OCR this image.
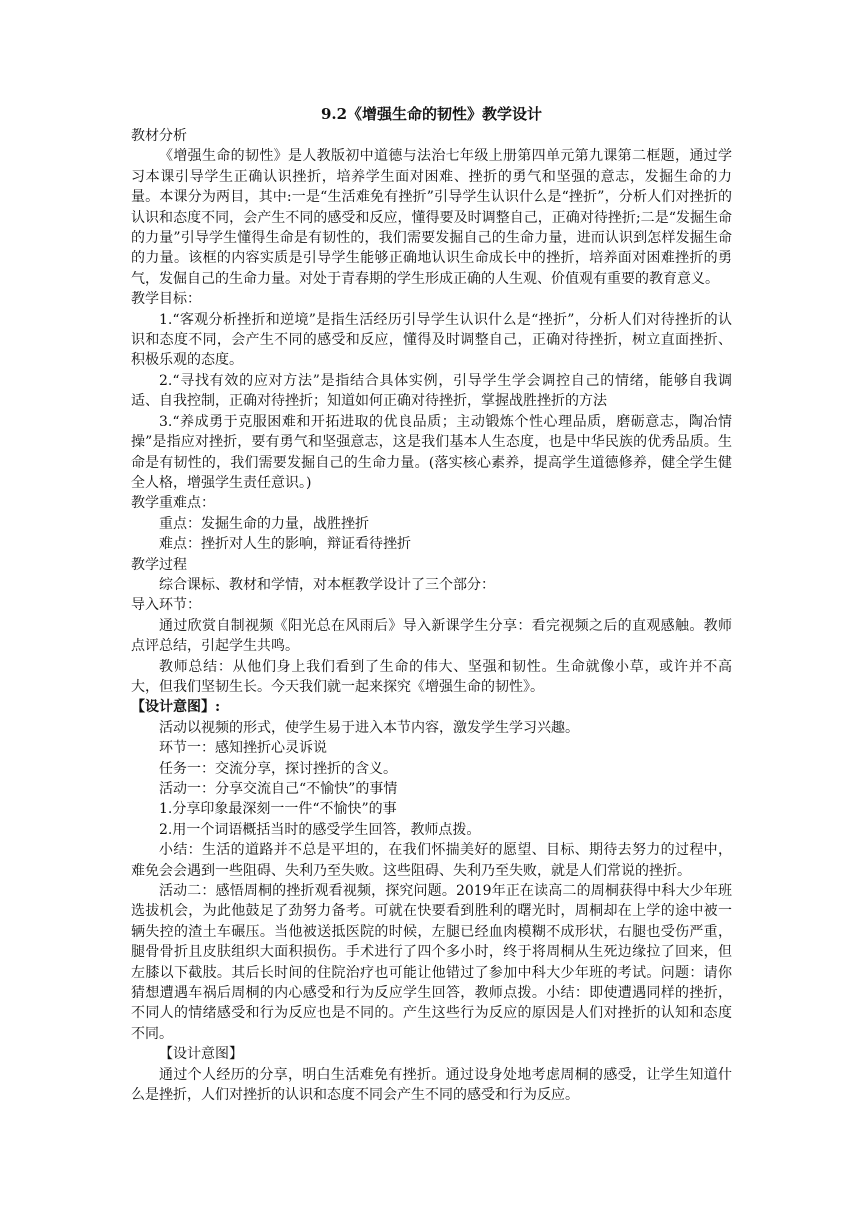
9.2《增强生命的韧性》教学设计

教材分析

《增强生命的韧性》是人教版初中道德与法治七年级上册第四单元第九课第二框题，通过学习本课引导学生正确认识挫折，培养学生面对困难、挫折的勇气和坚强的意志，发掘生命的力量。本课分为两目，其中:一是“生活难免有挫折”引导学生认识什么是“挫折”，分析人们对挫折的认识和态度不同，会产生不同的感受和反应，懂得要及时调整自己，正确对待挫折;二是“发掘生命的力量”引导学生懂得生命是有韧性的，我们需要发掘自己的生命力量，进而认识到怎样发掘生命的力量。该框的内容实质是引导学生能够正确地认识生命成长中的挫折，培养面对困难挫折的勇气，发倔自己的生命力量。对处于青春期的学生形成正确的人生观、价值观有重要的教育意义。

教学目标：

1.“客观分析挫折和逆境”是指生活经历引导学生认识什么是“挫折”，分析人们对待挫折的认识和态度不同，会产生不同的感受和反应，懂得及时调整自己，正确对待挫折，树立直面挫折、积极乐观的态度。

2.“寻找有效的应对方法”是指结合具体实例，引导学生学会调控自己的情绪，能够自我调适、自我控制，正确对待挫折；知道如何正确对待挫折，掌握战胜挫折的方法

3.“养成勇于克服困难和开拓进取的优良品质；主动锻炼个性心理品质，磨砺意志，陶冶情操”是指应对挫折，要有勇气和坚强意志，这是我们基本人生态度，也是中华民族的优秀品质。生命是有韧性的，我们需要发掘自己的生命力量。(落实核心素养，提高学生道德修养，健全学生健全人格，增强学生责任意识。)

教学重难点：

重点：发掘生命的力量，战胜挫折

难点：挫折对人生的影响，辩证看待挫折

教学过程

综合课标、教材和学情，对本框教学设计了三个部分：

导入环节：

通过欣赏自制视频《阳光总在风雨后》导入新课学生分享：看完视频之后的直观感触。教师点评总结，引起学生共鸣。

教师总结：从他们身上我们看到了生命的伟大、坚强和韧性。生命就像小草，或许并不高大，但我们坚韧生长。今天我们就一起来探究《增强生命的韧性》。

【设计意图】:

活动以视频的形式，使学生易于进入本节内容，激发学生学习兴趣。

环节一：感知挫折心灵诉说

任务一：交流分享，探讨挫折的含义。

活动一：分享交流自己“不愉快”的事情

1.分享印象最深刻一一件“不愉快”的事

2.用一个词语概括当时的感受学生回答，教师点拨。

小结：生活的道路并不总是平坦的，在我们怀揣美好的愿望、目标、期待去努力的过程中，难免会会遇到一些阻碍、失利乃至失败。这些阻碍、失利乃至失败，就是人们常说的挫折。

活动二：感悟周桐的挫折观看视频，探究问题。2019年正在读高二的周桐获得中科大少年班选拔机会，为此他鼓足了劲努力备考。可就在快要看到胜利的曙光时，周桐却在上学的途中被一辆失控的渣土车碾压。当他被送抵医院的时候，左腿已经血肉模糊不成形状，右腿也受伤严重，腿骨骨折且皮肤组织大面积损伤。手术进行了四个多小时，终于将周桐从生死边缘拉了回来，但左膝以下截肢。其后长时间的住院治疗也可能让他错过了参加中科大少年班的考试。问题：请你猜想遭遇车祸后周桐的内心感受和行为反应学生回答，教师点拨。小结：即使遭遇同样的挫折，不同人的情绪感受和行为反应也是不同的。产生这些行为反应的原因是人们对挫折的认知和态度不同。

【设计意图】

通过个人经历的分享，明白生活难免有挫折。通过设身处地考虑周桐的感受，让学生知道什么是挫折，人们对挫折的认识和态度不同会产生不同的感受和行为反应。
